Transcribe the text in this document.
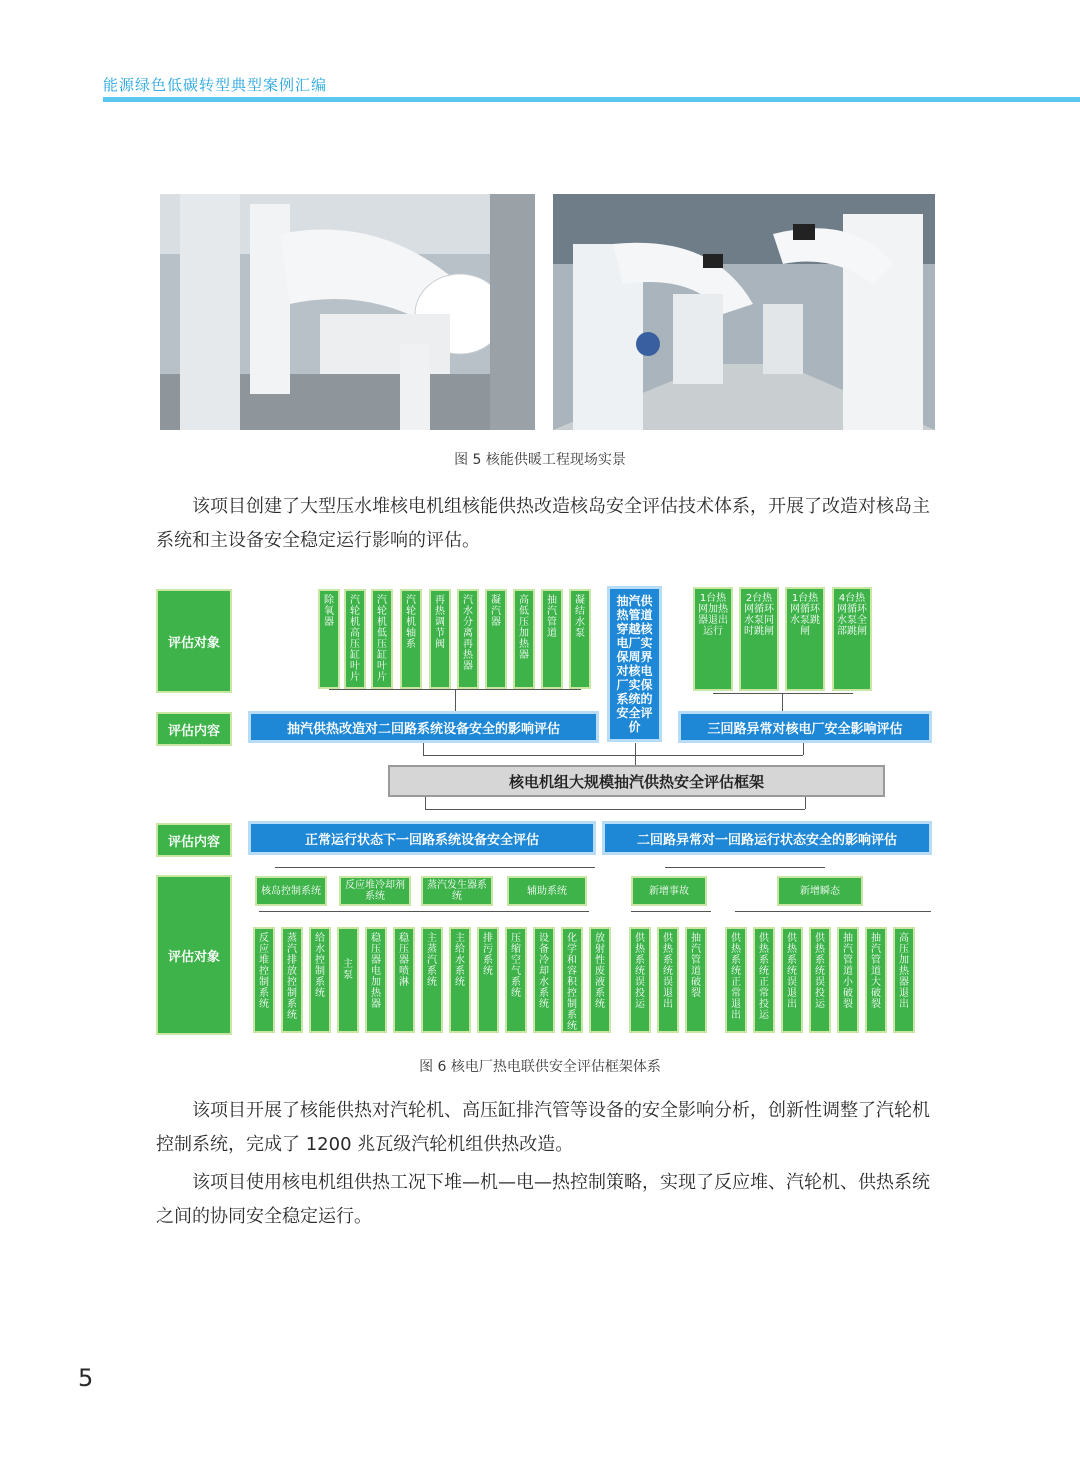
能源绿色低碳转型典型案例汇编
图 5 核能供暖工程现场实景

该项目创建了大型压水堆核电机组核能供热改造核岛安全评估技术体系，开展了改造对核岛主系统和主设备安全稳定运行影响的评估。

评估对象
评估内容
评估内容
评估对象
除氧器
汽轮机高压缸叶片
汽轮机低压缸叶片
汽轮机轴系
再热调节阀
汽水分离再热器
凝汽器
高低压加热器
抽汽管道
凝结水泵
抽汽供热管道穿越核电厂实保周界对核电厂实保系统的安全评价
1台热网加热器退出运行
2台热网循环水泵同时跳闸
1台热网循环水泵跳闸
4台热网循环水泵全部跳闸
抽汽供热改造对二回路系统设备安全的影响评估	三回路异常对核电厂安全影响评估
核电机组大规模抽汽供热安全评估框架
正常运行状态下一回路系统设备安全评估	二回路异常对一回路运行状态安全的影响评估
核岛控制系统	反应堆冷却剂系统
蒸汽发生器系统	辅助系统	新增事故	新增瞬态
反应堆控制系统
蒸汽排放控制系统
给水控制系统
主泵
稳压器电加热器
稳压器喷淋
主蒸汽系统
主给水系统
排污系统
压缩空气系统
设备冷却水系统
化学和容积控制系统
放射性废液系统
供热系统误投运
供热系统误退出
抽汽管道破裂
供热系统正常退出
供热系统正常投运
供热系统误退出
供热系统误投运
抽汽管道小破裂
抽汽管道大破裂
高压加热器退出
图 6 核电厂热电联供安全评估框架体系

该项目开展了核能供热对汽轮机、高压缸排汽管等设备的安全影响分析，创新性调整了汽轮机控制系统，完成了 1200 兆瓦级汽轮机组供热改造。

该项目使用核电机组供热工况下堆—机—电—热控制策略，实现了反应堆、汽轮机、供热系统之间的协同安全稳定运行。

5
